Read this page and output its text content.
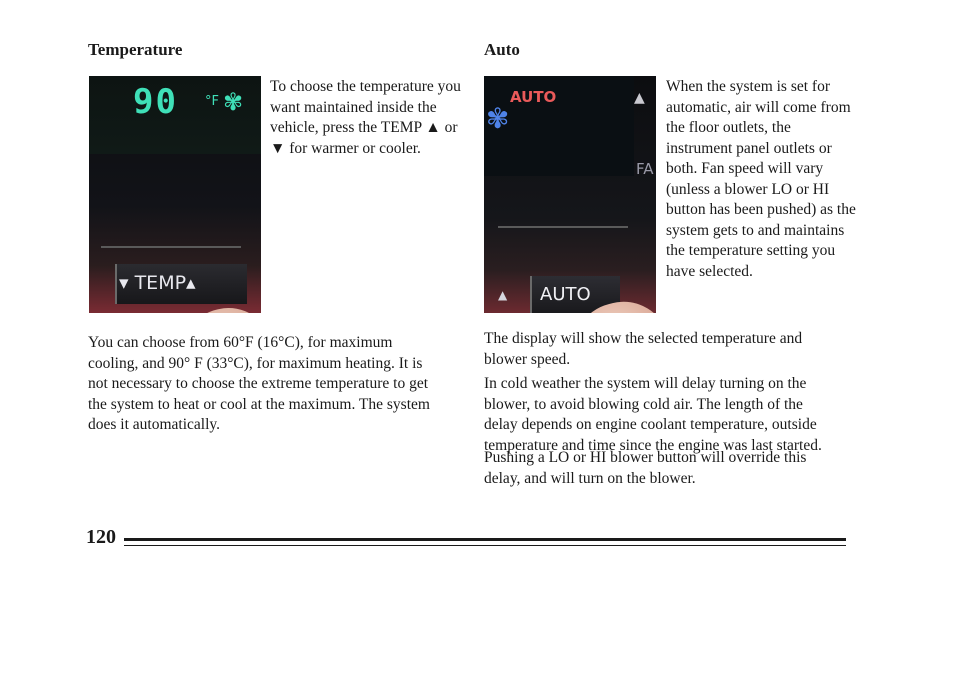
Temperature
90 °F ✾
▾ TEMP▴

To choose the temperature you want maintained inside the vehicle, press the TEMP ▲ or ▼ for warmer or cooler.

You can choose from 60°F (16°C), for maximum cooling, and 90° F (33°C), for maximum heating. It is not necessary to choose the extreme temperature to get the system to heat or cool at the maximum. The system does it automatically.

Auto
AUTO
✾
▲
FA
▲ AUTO

When the system is set for automatic, air will come from the floor outlets, the instrument panel outlets or both. Fan speed will vary (unless a blower LO or HI button has been pushed) as the system gets to and maintains the temperature setting you have selected.

The display will show the selected temperature and blower speed.

In cold weather the system will delay turning on the blower, to avoid blowing cold air. The length of the delay depends on engine coolant temperature, outside temperature and time since the engine was last started.

Pushing a LO or HI blower button will override this delay, and will turn on the blower.

120
